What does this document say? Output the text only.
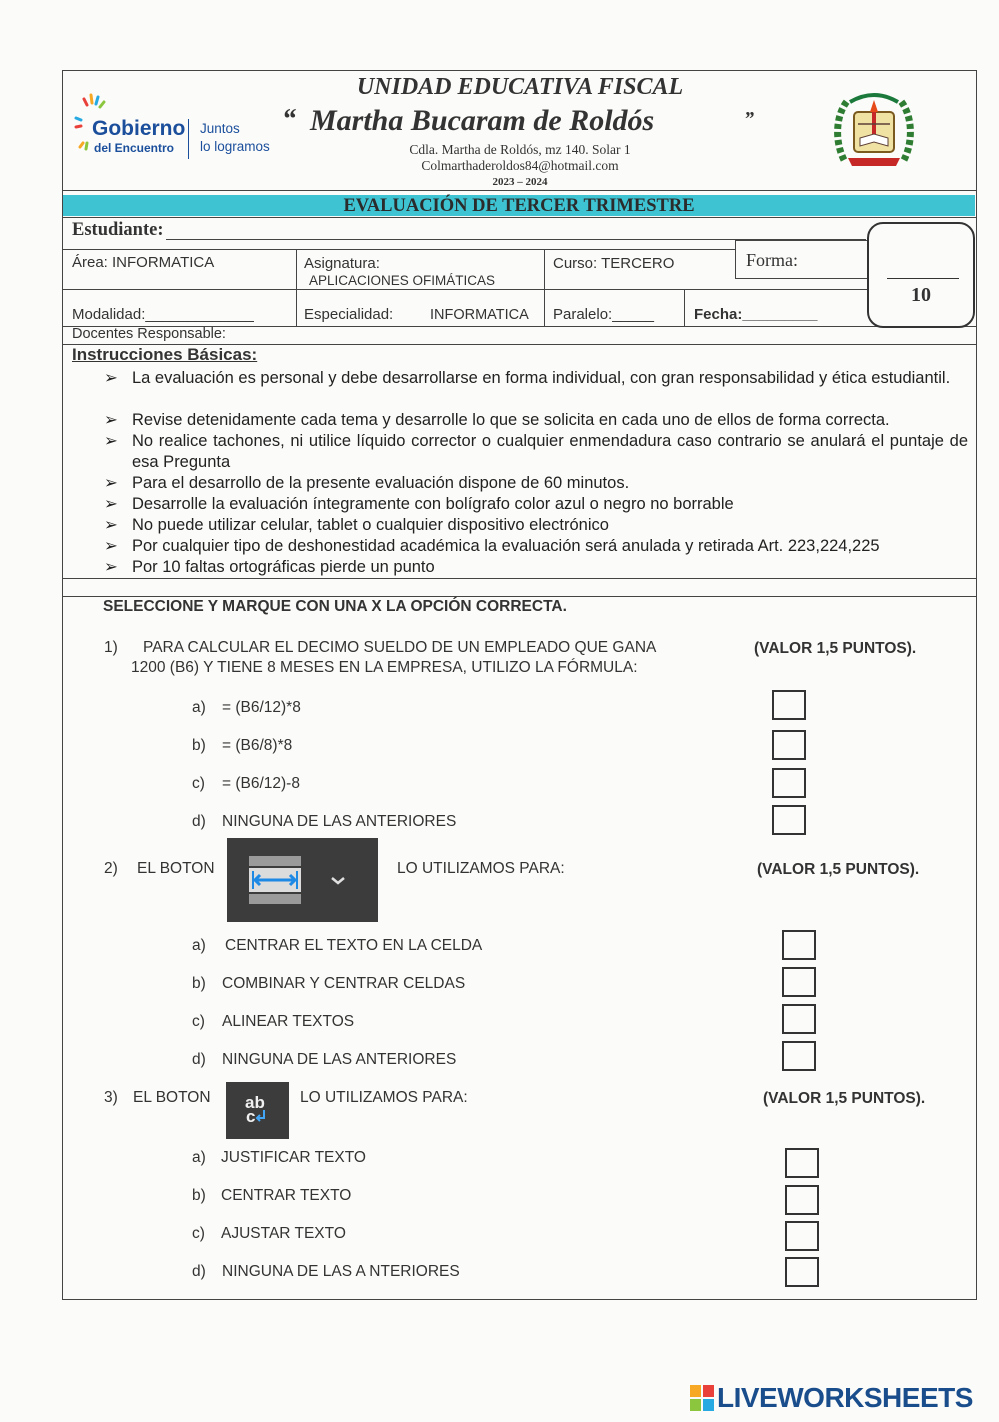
Gobierno
del Encuentro
Juntos
lo logramos
UNIDAD EDUCATIVA FISCAL
“ Martha Bucaram de Roldós	”
Cdla. Martha de Roldós, mz 140. Solar 1
Colmarthaderoldos84@hotmail.com
2023 – 2024
EVALUACIÓN DE TERCER TRIMESTRE
Estudiante:
Área: INFORMATICA	Asignatura:
APLICACIONES OFIMÁTICAS
Curso: TERCERO	Forma:
10
Modalidad:_____________	Especialidad:	INFORMATICA Paralelo:_____	Fecha:_________
Docentes Responsable:
Instrucciones Básicas:
➢ La evaluación es personal y debe desarrollarse en forma individual, con gran responsabilidad y ética estudiantil.
➢ Revise detenidamente cada tema y desarrolle lo que se solicita en cada uno de ellos de forma correcta.
➢ No realice tachones, ni utilice líquido corrector o cualquier enmendadura caso contrario se anulará el puntaje de esa Pregunta
➢ Para el desarrollo de la presente evaluación dispone de 60 minutos.
➢ Desarrolle la evaluación íntegramente con bolígrafo color azul o negro no borrable
➢ No puede utilizar celular, tablet o cualquier dispositivo electrónico
➢ Por cualquier tipo de deshonestidad académica la evaluación será anulada y retirada Art. 223,224,225
➢ Por 10 faltas ortográficas pierde un punto
SELECCIONE Y MARQUE CON UNA X LA OPCIÓN CORRECTA.
1) PARA CALCULAR EL DECIMO SUELDO DE UN EMPLEADO QUE GANA
1200 (B6) Y TIENE 8 MESES EN LA EMPRESA, UTILIZO LA FÓRMULA:
(VALOR 1,5 PUNTOS).
a) = (B6/12)*8
b) = (B6/8)*8
c) = (B6/12)-8
d) NINGUNA DE LAS ANTERIORES
2) EL BOTON	LO UTILIZAMOS PARA:	(VALOR 1,5 PUNTOS).
a) CENTRAR EL TEXTO EN LA CELDA
b) COMBINAR Y CENTRAR CELDAS
c) ALINEAR TEXTOS
d) NINGUNA DE LAS ANTERIORES
3) EL BOTON ab
c
LO UTILIZAMOS PARA:	(VALOR 1,5 PUNTOS).
a) JUSTIFICAR TEXTO
b) CENTRAR TEXTO
c) AJUSTAR TEXTO
d) NINGUNA DE LAS A NTERIORES
LIVEWORKSHEETS
